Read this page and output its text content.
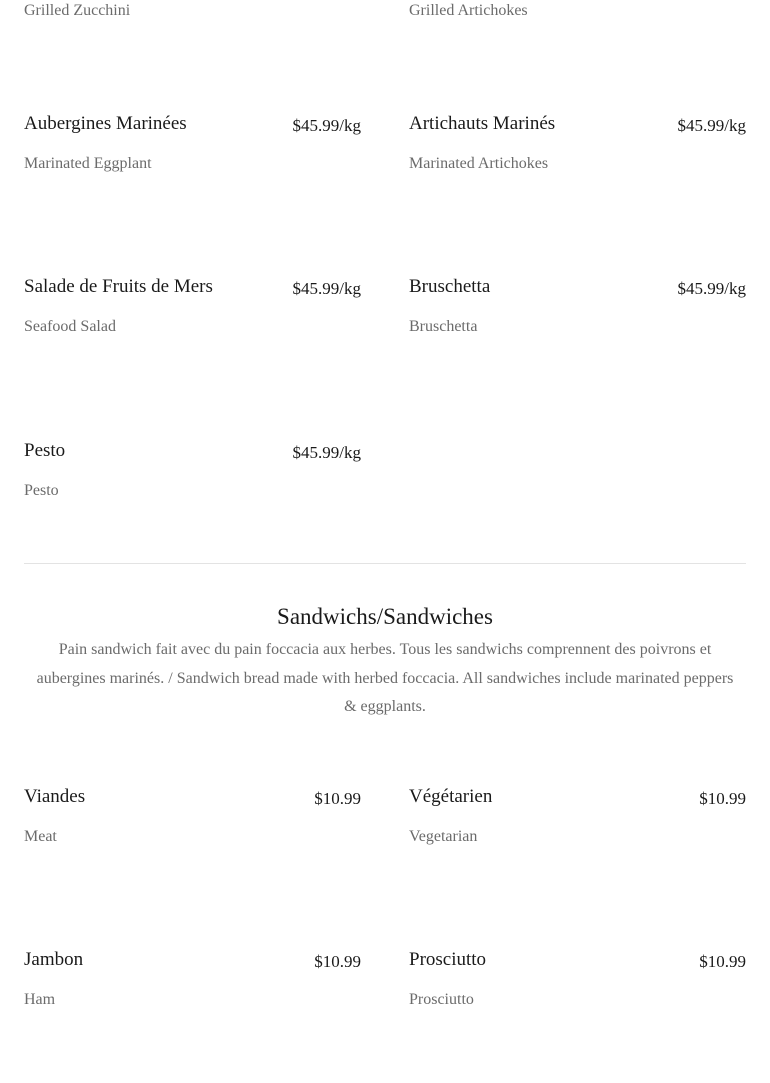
Grilled Zucchini	Grilled Artichokes
Aubergines Marinées	$45.99/kg
Marinated Eggplant
Artichauts Marinés	$45.99/kg
Marinated Artichokes
Salade de Fruits de Mers	$45.99/kg
Seafood Salad
Bruschetta	$45.99/kg
Bruschetta
Pesto	$45.99/kg
Pesto
Sandwichs/Sandwiches
Pain sandwich fait avec du pain foccacia aux herbes. Tous les sandwichs comprennent des poivrons et aubergines marinés. / Sandwich bread made with herbed foccacia. All sandwiches include marinated peppers & eggplants.
Viandes	$10.99
Meat
Végétarien	$10.99
Vegetarian
Jambon	$10.99
Ham
Prosciutto	$10.99
Prosciutto
